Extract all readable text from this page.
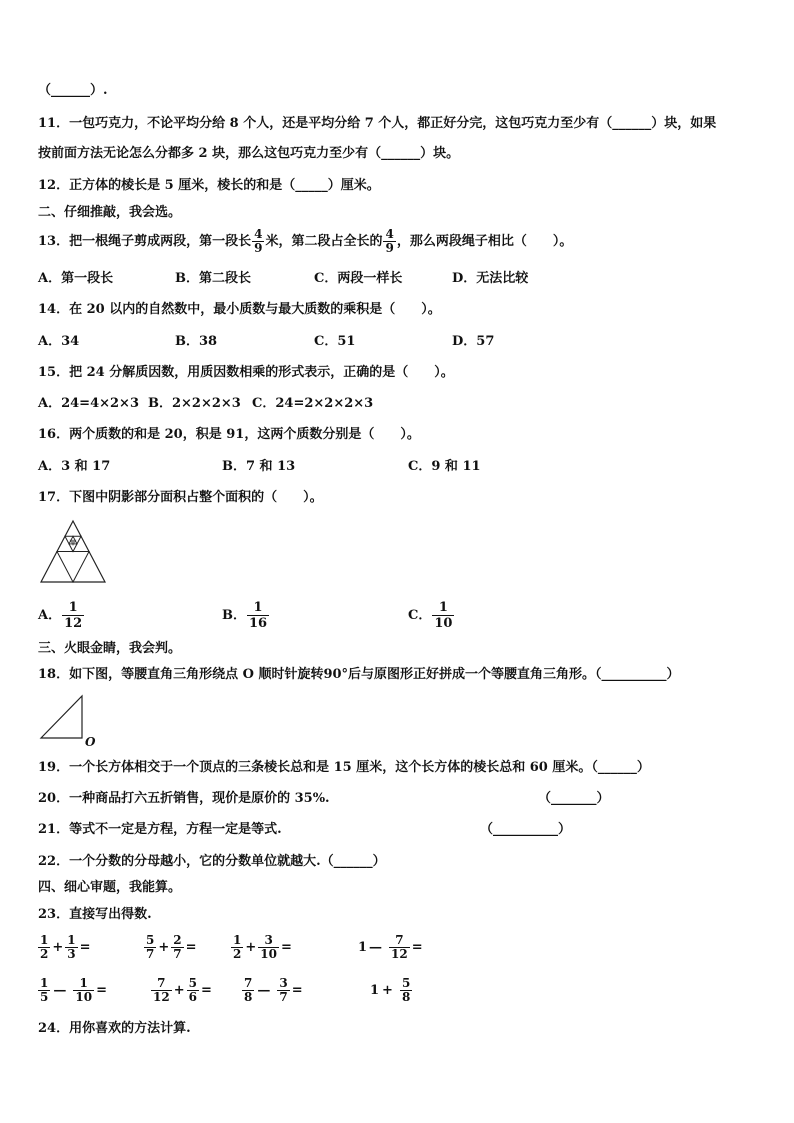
（______）.
11．一包巧克力，不论平均分给 8 个人，还是平均分给 7 个人，都正好分完，这包巧克力至少有（______）块，如果
按前面方法无论怎么分都多 2 块，那么这包巧克力至少有（______）块。
12．正方体的棱长是 5 厘米，棱长的和是（_____）厘米。
二、仔细推敲，我会选。
13．把一根绳子剪成两段，第一段长 $\frac{4}{9}$ 米，第二段占全长的 $\frac{4}{9}$ ，那么两段绳子相比（　　）。
A．第一段长	B．第二段长	C．两段一样长	D．无法比较
14．在 20 以内的自然数中，最小质数与最大质数的乘积是（　　）。
A．34	B．38	C．51	D．57
15．把 24 分解质因数，用质因数相乘的形式表示，正确的是（　　）。
A．24=4×2×3 B．2×2×2×3 C．24=2×2×2×3
16．两个质数的和是 20，积是 91，这两个质数分别是（　　）。
A．3 和 17	B．7 和 13	C．9 和 11
17．下图中阴影部分面积占整个面积的（　　）。
A． $\frac{1}{12}$	B． $\frac{1}{16}$	C． $\frac{1}{10}$
三、火眼金睛，我会判。
18．如下图，等腰直角三角形绕点 O 顺时针旋转90°后与原图形正好拼成一个等腰直角三角形。（__________）
O
19．一个长方体相交于一个顶点的三条棱长总和是 15 厘米，这个长方体的棱长总和 60 厘米。（______）
20．一种商品打六五折销售，现价是原价的 35%.	（_______）
21．等式不一定是方程，方程一定是等式.	（__________）
22．一个分数的分母越小，它的分数单位就越大.（______）
四、细心审题，我能算。
23．直接写出得数.
$\frac{1}{2} + \frac{1}{3}$ =	$\frac{5}{7} + \frac{2}{7}$ =	$\frac{1}{2} + \frac{3}{10}$ =	1 — $\frac{7}{12}$ =
$\frac{1}{5}$ — $\frac{1}{10}$ =	$\frac{7}{12} + \frac{5}{6}$ =	$\frac{7}{8}$ — $\frac{3}{7}$ =	$1 + \frac{5}{8}$
24．用你喜欢的方法计算.
